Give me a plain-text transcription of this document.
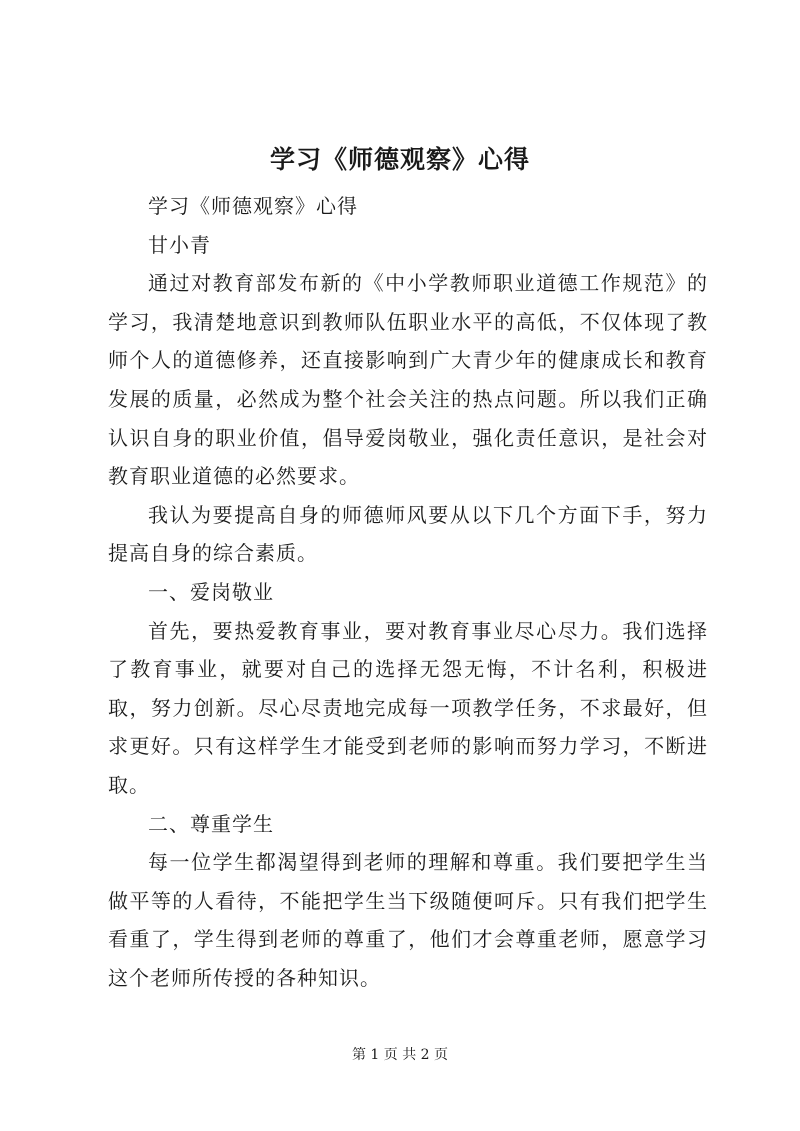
学习《师德观察》心得

学习《师德观察》心得

甘小青

通过对教育部发布新的《中小学教师职业道德工作规范》的学习，我清楚地意识到教师队伍职业水平的高低，不仅体现了教师个人的道德修养，还直接影响到广大青少年的健康成长和教育发展的质量，必然成为整个社会关注的热点问题。所以我们正确认识自身的职业价值，倡导爱岗敬业，强化责任意识，是社会对教育职业道德的必然要求。

我认为要提高自身的师德师风要从以下几个方面下手，努力提高自身的综合素质。

一、爱岗敬业

首先，要热爱教育事业，要对教育事业尽心尽力。我们选择了教育事业，就要对自己的选择无怨无悔，不计名利，积极进取，努力创新。尽心尽责地完成每一项教学任务，不求最好，但求更好。只有这样学生才能受到老师的影响而努力学习，不断进取。

二、尊重学生

每一位学生都渴望得到老师的理解和尊重。我们要把学生当做平等的人看待，不能把学生当下级随便呵斥。只有我们把学生看重了，学生得到老师的尊重了，他们才会尊重老师，愿意学习这个老师所传授的各种知识。

第 1 页 共 2 页
